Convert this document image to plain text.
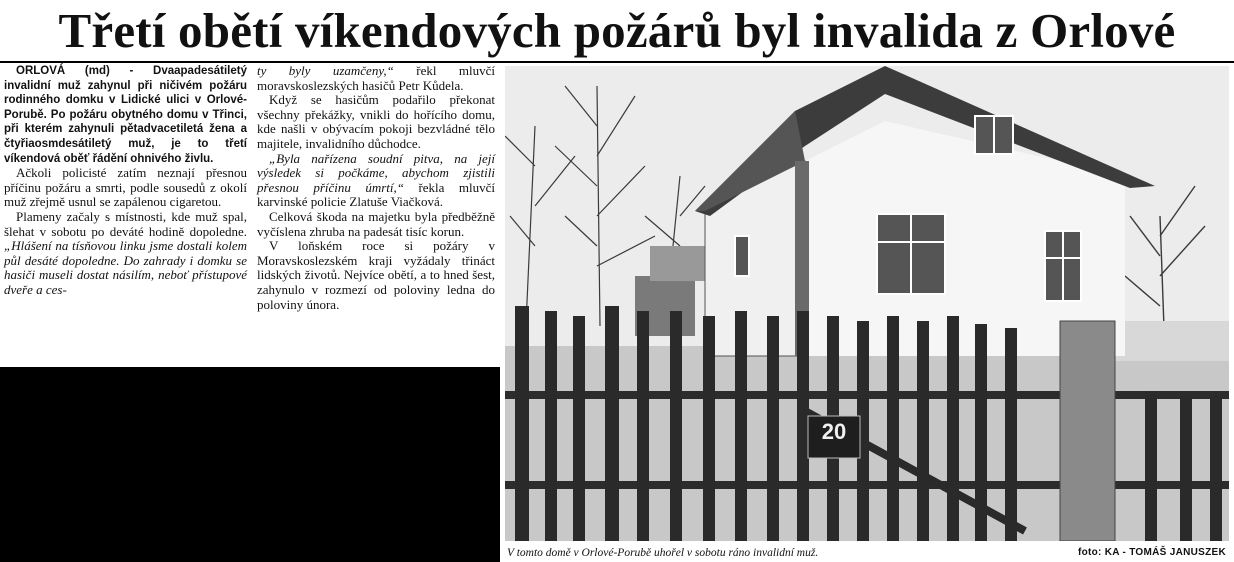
Třetí obětí víkendových požárů byl invalida z Orlové

ORLOVÁ (md) - Dvaapadesátiletý invalidní muž zahynul při ničivém požáru rodinného domku v Lidické ulici v Orlové-Porubě. Po požáru obytného domu v Třinci, při kterém zahynuli pětadvacetiletá žena a čtyřiaosmdesátiletý muž, je to třetí víkendová oběť řádění ohnivého živlu.

Ačkoli policisté zatím neznají přesnou příčinu požáru a smrti, podle sousedů z okolí muž zřejmě usnul se zapálenou cigaretou.

Plameny začaly s místnosti, kde muž spal, šlehat v sobotu po deváté hodině dopoledne. „Hlášení na tísňovou linku jsme dostali kolem půl desáté dopoledne. Do zahrady i domku se hasiči museli dostat násilím, neboť přístupové dveře a ces-

ty byly uzamčeny,“ řekl mluvčí moravskoslezských hasičů Petr Kůdela.

Když se hasičům podařilo překonat všechny překážky, vnikli do hořícího domu, kde našli v obývacím pokoji bezvládné tělo majitele, invalidního důchodce.

„Byla nařízena soudní pitva, na její výsledek si počkáme, abychom zjistili přesnou příčinu úmrtí,“ řekla mluvčí karvinské policie Zlatuše Viačková.

Celková škoda na majetku byla předběžně vyčíslena zhruba na padesát tisíc korun.

V loňském roce si požáry v Moravskoslezském kraji vyžádaly třináct lidských životů. Nejvíce obětí, a to hned šest, zahynulo v rozmezí od poloviny ledna do poloviny února.

20
V tomto domě v Orlové-Porubě uhořel v sobotu ráno invalidní muž.	foto: KA - TOMÁŠ JANUSZEK
